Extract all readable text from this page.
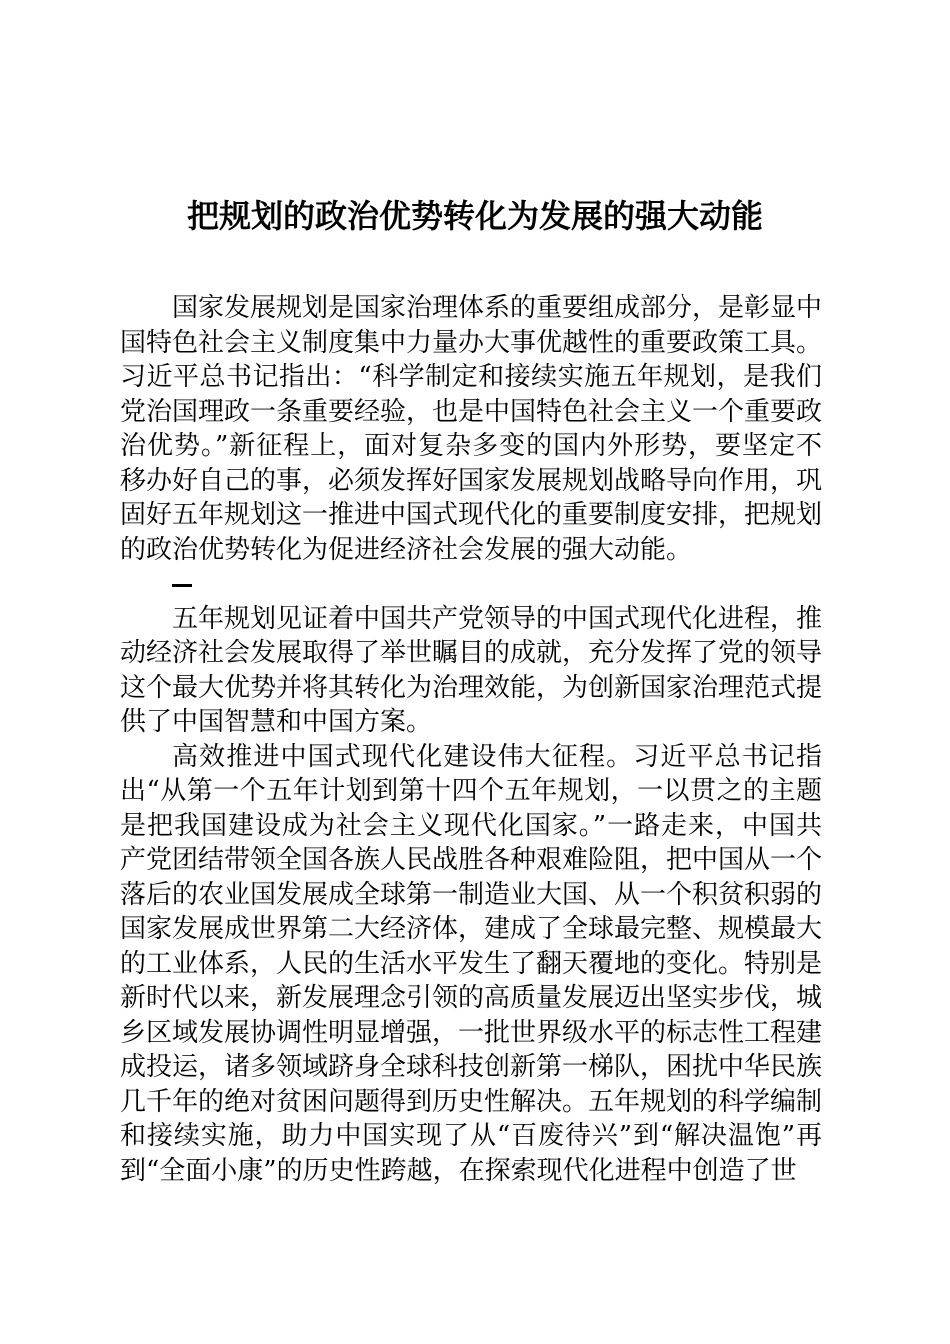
把规划的政治优势转化为发展的强大动能

国家发展规划是国家治理体系的重要组成部分，是彰显中国特色社会主义制度集中力量办大事优越性的重要政策工具。习近平总书记指出：“科学制定和接续实施五年规划，是我们党治国理政一条重要经验，也是中国特色社会主义一个重要政治优势。”新征程上，面对复杂多变的国内外形势，要坚定不移办好自己的事，必须发挥好国家发展规划战略导向作用，巩固好五年规划这一推进中国式现代化的重要制度安排，把规划的政治优势转化为促进经济社会发展的强大动能。

五年规划见证着中国共产党领导的中国式现代化进程，推动经济社会发展取得了举世瞩目的成就，充分发挥了党的领导这个最大优势并将其转化为治理效能，为创新国家治理范式提供了中国智慧和中国方案。

高效推进中国式现代化建设伟大征程。习近平总书记指出“从第一个五年计划到第十四个五年规划，一以贯之的主题是把我国建设成为社会主义现代化国家。”一路走来，中国共产党团结带领全国各族人民战胜各种艰难险阻，把中国从一个落后的农业国发展成全球第一制造业大国、从一个积贫积弱的国家发展成世界第二大经济体，建成了全球最完整、规模最大的工业体系，人民的生活水平发生了翻天覆地的变化。特别是新时代以来，新发展理念引领的高质量发展迈出坚实步伐，城乡区域发展协调性明显增强，一批世界级水平的标志性工程建成投运，诸多领域跻身全球科技创新第一梯队，困扰中华民族几千年的绝对贫困问题得到历史性解决。五年规划的科学编制和接续实施，助力中国实现了从“百废待兴”到“解决温饱”再到“全面小康”的历史性跨越，在探索现代化进程中创造了世
